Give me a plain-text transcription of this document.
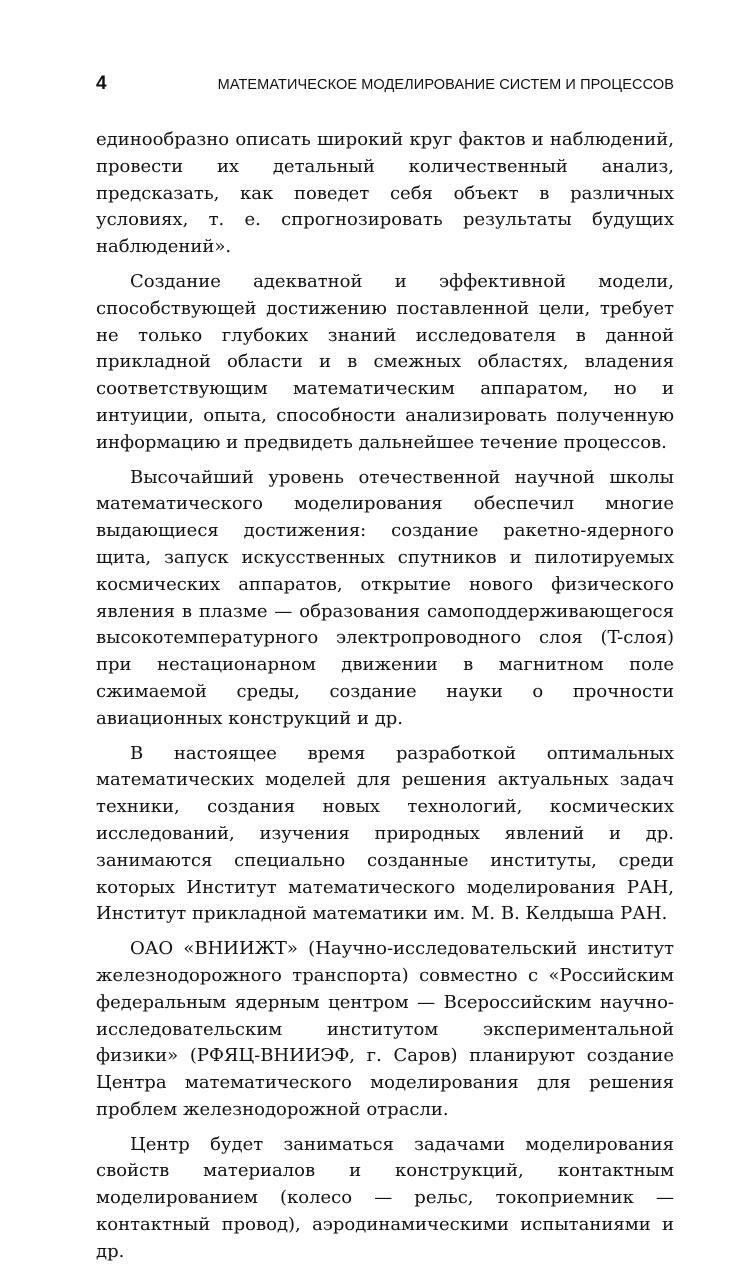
4	МАТЕМАТИЧЕСКОЕ МОДЕЛИРОВАНИЕ СИСТЕМ И ПРОЦЕССОВ

единообразно описать широкий круг фактов и наблюдений, провести их детальный количественный анализ, предсказать, как поведет себя объект в различных условиях, т. е. спрогнозировать результаты будущих наблюдений».

Создание адекватной и эффективной модели, способствующей достижению поставленной цели, требует не только глубоких знаний исследователя в данной прикладной области и в смежных областях, владения соответствующим математическим аппаратом, но и интуиции, опыта, способности анализировать полученную информацию и предвидеть дальнейшее течение процессов.

Высочайший уровень отечественной научной школы математического моделирования обеспечил многие выдающиеся достижения: создание ракетно-ядерного щита, запуск искусственных спутников и пилотируемых космических аппаратов, открытие нового физического явления в плазме — образования самоподдерживающегося высокотемпературного электропроводного слоя (T-слоя) при нестационарном движении в магнитном поле сжимаемой среды, создание науки о прочности авиационных конструкций и др.

В настоящее время разработкой оптимальных математических моделей для решения актуальных задач техники, создания новых технологий, космических исследований, изучения природных явлений и др. занимаются специально созданные институты, среди которых Институт математического моделирования РАН, Институт прикладной математики им. М. В. Келдыша РАН.

ОАО «ВНИИЖТ» (Научно-исследовательский институт железнодорожного транспорта) совместно с «Российским федеральным ядерным центром — Всероссийским научно-исследовательским институтом экспериментальной физики» (РФЯЦ-ВНИИЭФ, г. Саров) планируют создание Центра математического моделирования для решения проблем железнодорожной отрасли.

Центр будет заниматься задачами моделирования свойств материалов и конструкций, контактным моделированием (колесо — рельс, токоприемник — контактный провод), аэродинамическими испытаниями и др.
